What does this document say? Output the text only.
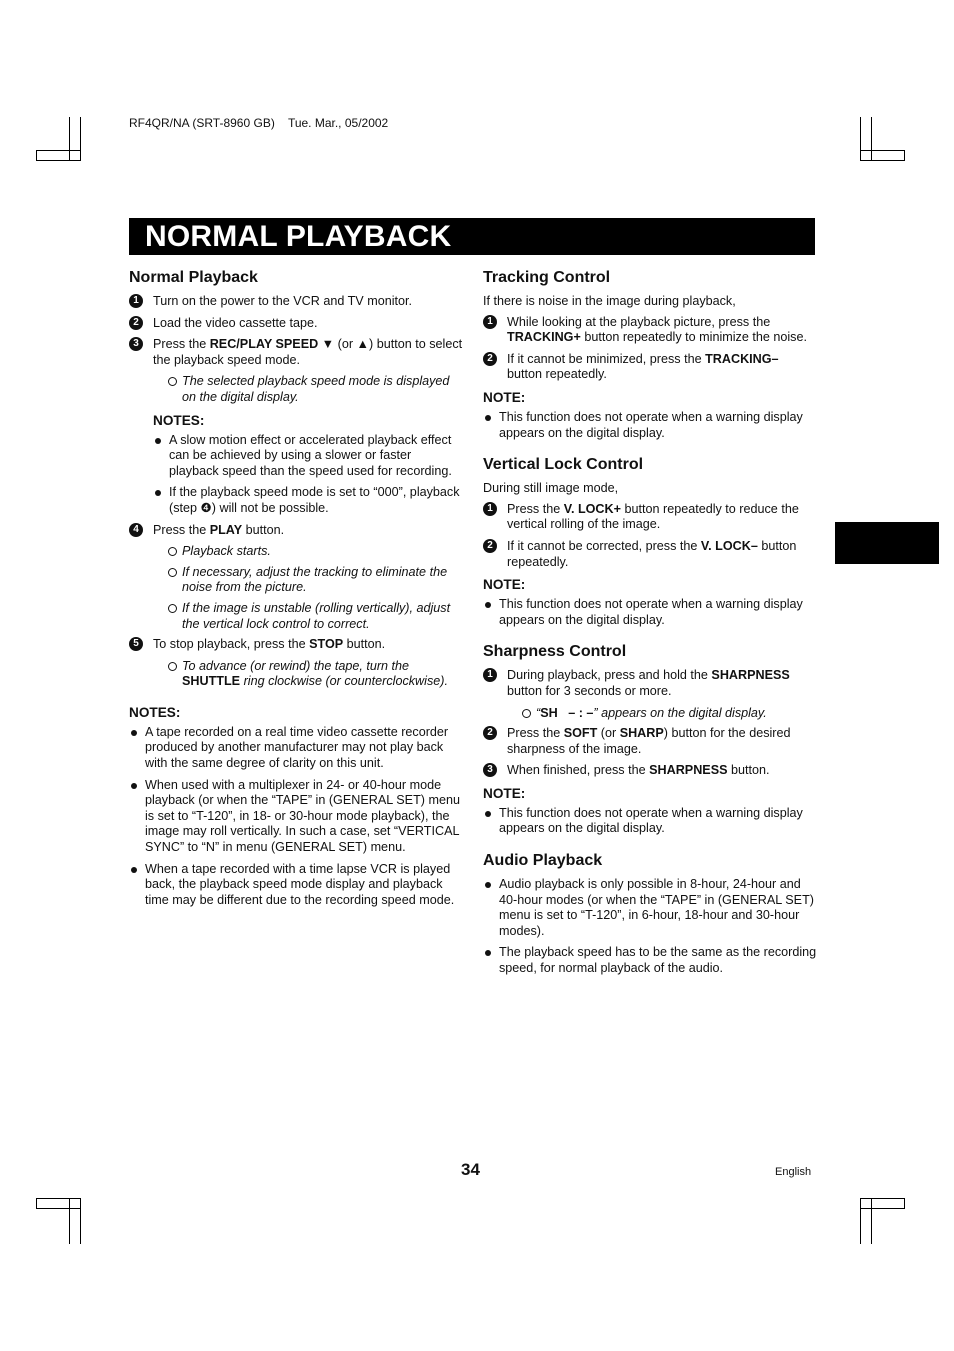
RF4QR/NA (SRT-8960 GB)    Tue. Mar., 05/2002
NORMAL PLAYBACK
Normal Playback
1	Turn on the power to the VCR and TV monitor.
2	Load the video cassette tape.
3	Press the REC/PLAY SPEED ▼ (or ▲) button to select the playback speed mode.
The selected playback speed mode is displayed on the digital display.
NOTES:
A slow motion effect or accelerated playback effect can be achieved by using a slower or faster playback speed than the speed used for recording.
If the playback speed mode is set to “000”, playback (step ❹) will not be possible.
4	Press the PLAY button.
Playback starts.
If necessary, adjust the tracking to eliminate the noise from the picture.
If the image is unstable (rolling vertically), adjust the vertical lock control to correct.
5	To stop playback, press the STOP button.
To advance (or rewind) the tape, turn the SHUTTLE ring clockwise (or counterclockwise).
NOTES:
A tape recorded on a real time video cassette recorder produced by another manufacturer may not play back with the same degree of clarity on this unit.
When used with a multiplexer in 24- or 40-hour mode playback (or when the “TAPE” in (GENERAL SET) menu is set to “T-120”, in 18- or 30-hour mode playback), the image may roll vertically. In such a case, set “VERTICAL SYNC” to “N” in menu (GENERAL SET) menu.
When a tape recorded with a time lapse VCR is played back, the playback speed mode display and playback time may be different due to the recording speed mode.
Tracking Control
If there is noise in the image during playback,
1	While looking at the playback picture, press the TRACKING+ button repeatedly to minimize the noise.
2	If it cannot be minimized, press the TRACKING– button repeatedly.
NOTE:
This function does not operate when a warning display appears on the digital display.
Vertical Lock Control
During still image mode,
1	Press the V. LOCK+ button repeatedly to reduce the vertical rolling of the image.
2	If it cannot be corrected, press the V. LOCK– button repeatedly.
NOTE:
This function does not operate when a warning display appears on the digital display.
Sharpness Control
1	During playback, press and hold the SHARPNESS button for 3 seconds or more.
“SH   – : –” appears on the digital display.
2	Press the SOFT (or SHARP) button for the desired sharpness of the image.
3	When finished, press the SHARPNESS button.
NOTE:
This function does not operate when a warning display appears on the digital display.
Audio Playback
Audio playback is only possible in 8-hour, 24-hour and 40-hour modes (or when the “TAPE” in (GENERAL SET) menu is set to “T-120”, in 6-hour, 18-hour and 30-hour modes).
The playback speed has to be the same as the recording speed, for normal playback of the audio.
34	English
